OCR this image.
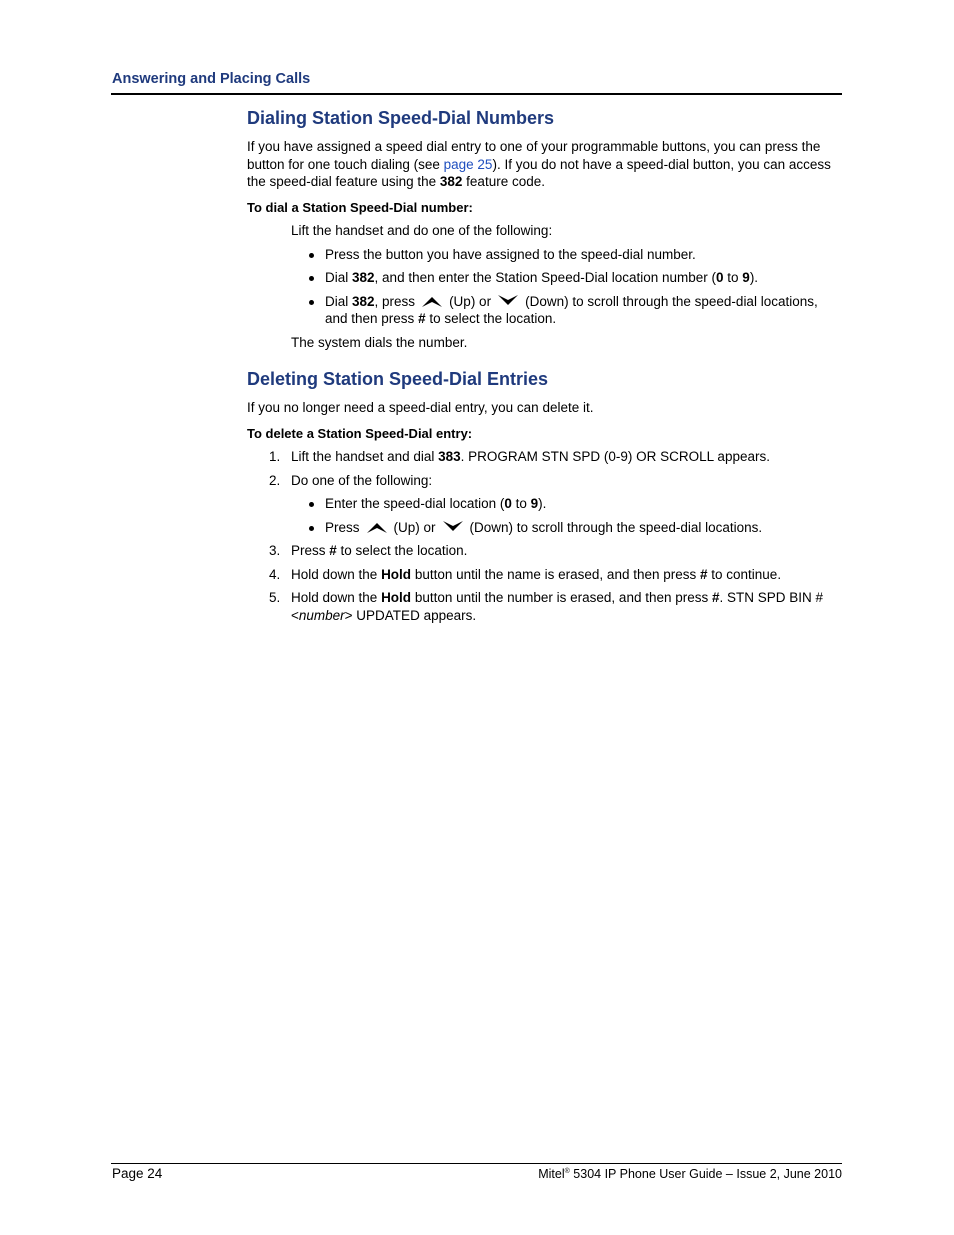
Answering and Placing Calls
Dialing Station Speed-Dial Numbers

If you have assigned a speed dial entry to one of your programmable buttons, you can press the button for one touch dialing (see page 25). If you do not have a speed-dial button, you can access the speed-dial feature using the 382 feature code.

To dial a Station Speed-Dial number:

Lift the handset and do one of the following:

Press the button you have assigned to the speed-dial number.
Dial 382, and then enter the Station Speed-Dial location number (0 to 9).
Dial 382, press	(Up) or	(Down) to scroll through the speed-dial locations, and then press # to select the location.

The system dials the number.

Deleting Station Speed-Dial Entries

If you no longer need a speed-dial entry, you can delete it.

To delete a Station Speed-Dial entry:

1. Lift the handset and dial 383. PROGRAM STN SPD (0-9) OR SCROLL appears.
2. Do one of the following:
Enter the speed-dial location (0 to 9).
Press	(Up) or	(Down) to scroll through the speed-dial locations.
3. Press # to select the location.
4. Hold down the Hold button until the name is erased, and then press # to continue.
5. Hold down the Hold button until the number is erased, and then press #. STN SPD BIN # <number> UPDATED appears.
Page 24	Mitel® 5304 IP Phone User Guide – Issue 2, June 2010
